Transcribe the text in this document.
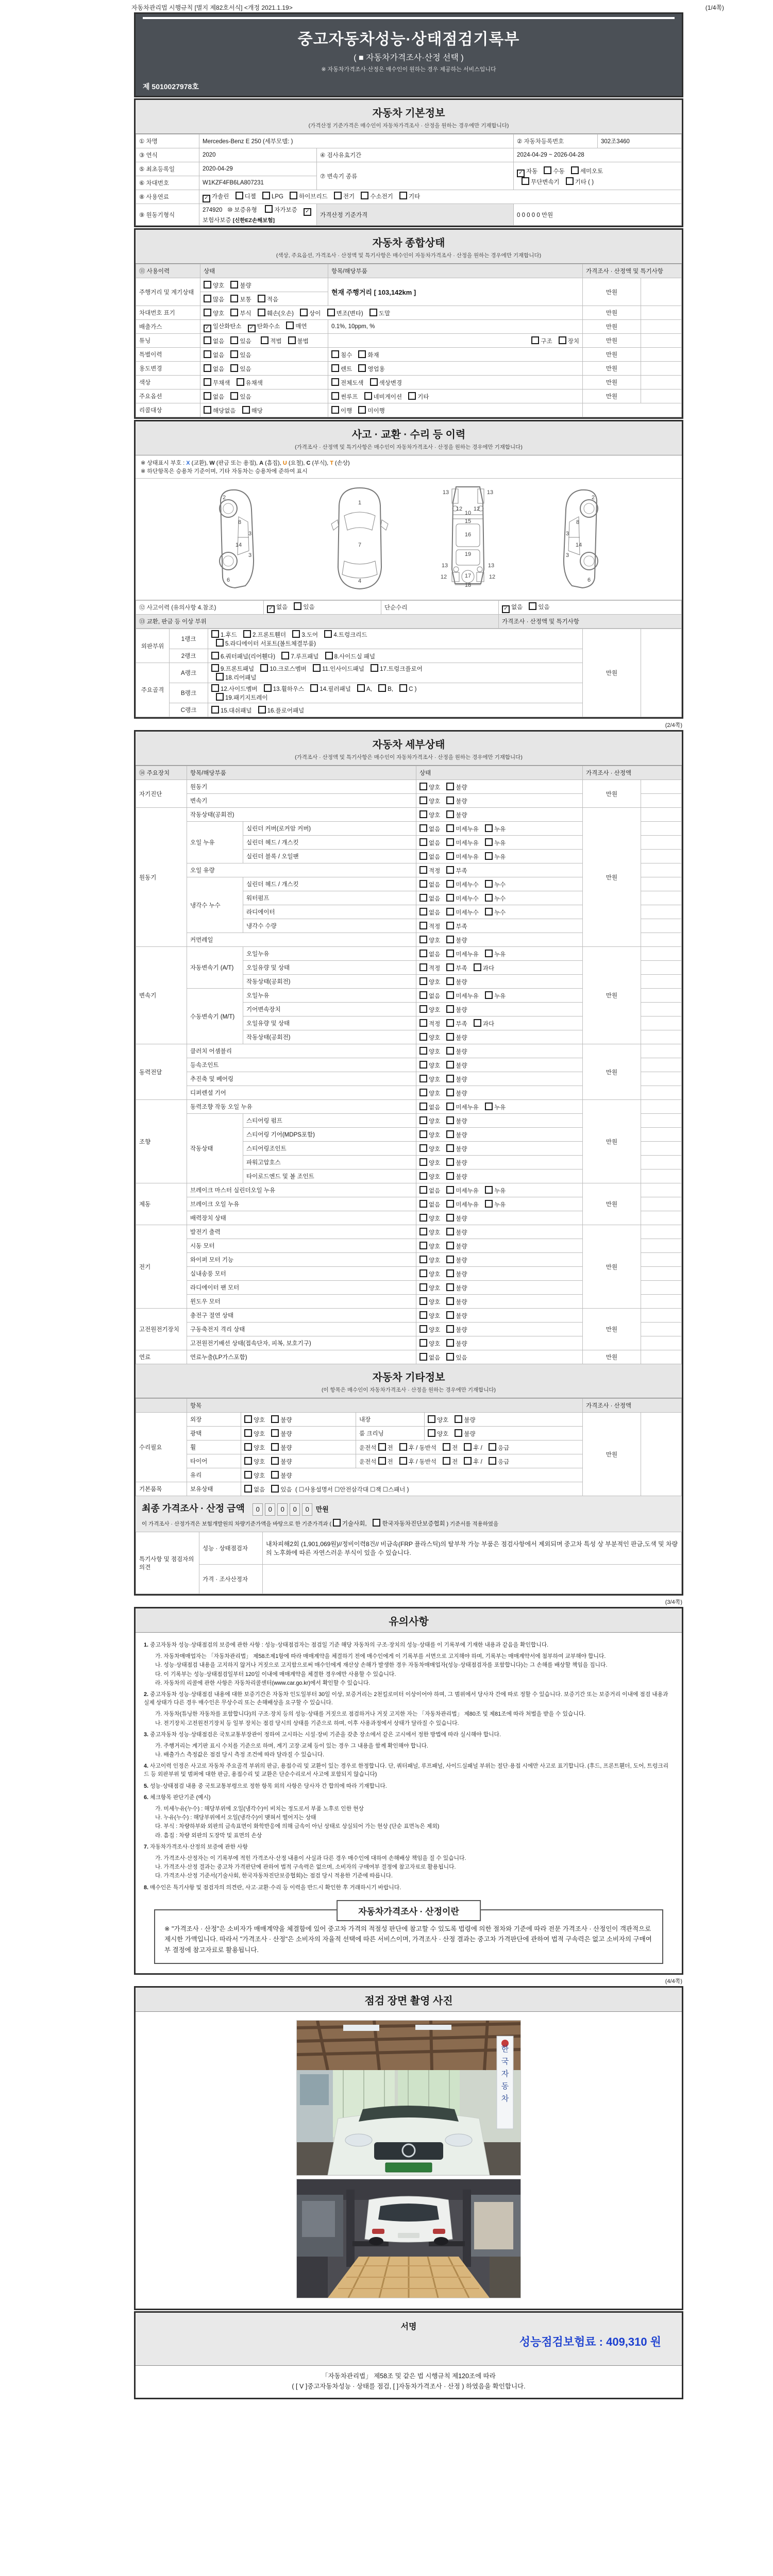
자동차관리법 시행규칙 [별지 제82호서식] <개정 2021.1.19>	(1/4쪽)
중고자동차성능·상태점검기록부
( ■ 자동차가격조사·산정 선택 )
※ 자동차가격조사·산정은 매수인이 원하는 경우 제공하는 서비스입니다
제 5010027978호
자동차 기본정보
(가격산정 기준가격은 매수인이 자동차가격조사 · 산정을 원하는 경우에만 기재합니다)
① 차명	Mercedes-Benz E 250 (세부모델: )		② 자동차등록번호	302조3460
③ 연식	2020	④ 검사유효기간	2024-04-29 ~ 2026-04-28	
⑤ 최초등록일	2020-04-29	⑦ 변속기 종류	✓ 자동 수동 세미오토
무단변속기 기타 ( )	
⑥ 차대번호	W1KZF4FB6LA807231			
⑧ 사용연료	✓ 가솔린 디젤 LPG 하이브리드 전기 수소전기 기타			
⑨ 원동기형식	274920   ⑩ 보증유형 자가보증 ✓보험사보증 [신한EZ손해보험]	가격산정 기준가격	0 0 0 0 0 만원	
자동차 종합상태
(색상, 주요옵션, 가격조사 · 산정액 및 특기사항은 매수인이 자동차가격조사 · 산정을 원하는 경우에만 기재합니다)
⑪ 사용이력	상태	항목/해당부품	가격조사 · 산정액 및 특기사항	
주행거리 및 계기상태	양호 불량	현재 주행거리 [ 103,142km ]	만원	
	많음 보통 적음			
차대번호 표기	양호 부식 훼손(오손) 상이 변조(변타) 도말		만원	
배출가스	✓ 일산화탄소 ✓ 탄화수소 매연	0.1%, 10ppm, %	만원	
튜닝	없음 있음 적법 불법	구조 장치	만원	
특별이력	없음 있음	침수 화재	만원	
용도변경	없음 있음	렌트 영업용	만원	
색상	무채색 유채색	전체도색 색상변경	만원	
주요옵션	없음 있음	썬루프 네비게이션 기타	만원	
리콜대상	해당없음 해당	이행 미이행		
사고 · 교환 · 수리 등 이력
(가격조사 · 산정액 및 특기사항은 매수인이 자동차가격조사 · 산정을 원하는 경우에만 기재합니다)
※ 상태표시 부호 : X (교환), W (판금 또는 용접), A (흠집), U (요철), C (부식), T (손상)
※ 하단항목은 승용차 기준이며, 기타 자동차는 승용차에 준하여 표시
2
8
3
14
3
6
1
7
4
13
12 12
13
10
15
16
19
13	13
12	17	12
18
2
8
3
14
3
6
⑫ 사고이력 (유의사항 4.참조)	✓ 없음 있음	단순수리	✓ 없음 있음
⑬ 교환, 판금 등 이상 부위			가격조사 · 산정액 및 특기사항
외판부위	1랭크	1.후드 2.프론트휀더 3.도어 4.트렁크리드
5.라디에이터 서포트(볼트체결부품)	만원	
	2랭크	6.쿼터패널(리어휀다) 7.루프패널 8.사이드실 패널		
주요골격	A랭크	9.프론트패널 10.크로스멤버 11.인사이드패널 17.트렁크플로어
18.리어패널		
	B랭크	12.사이드멤버 13.휠하우스 14.필러패널 A, B, C )
19.패키지트레이		
	C랭크	15.대쉬패널 16.플로어패널		
(2/4쪽)
자동차 세부상태
(가격조사 · 산정액 및 특기사항은 매수인이 자동차가격조사 · 산정을 원하는 경우에만 기재합니다)
⑭ 주요장치	항목/해당부품		상태	가격조사 · 산정액	
자기진단	원동기		양호 불량	만원	
	변속기		양호 불량		
원동기	작동상태(공회전)		양호 불량	만원	
	오일 누유	실린더 커버(로커암 커버)	없음 미세누유 누유		
		실린더 헤드 / 개스킷	없음 미세누유 누유		
		실린더 블록 / 오일팬	없음 미세누유 누유		
	오일 유량		적정 부족		
	냉각수 누수	실린더 헤드 / 개스킷	없음 미세누수 누수		
		워터펌프	없음 미세누수 누수		
		라디에이터	없음 미세누수 누수		
		냉각수 수량	적정 부족		
	커먼레일		양호 불량		
변속기	자동변속기 (A/T)	오일누유	없음 미세누유 누유	만원	
		오일유량 및 상태	적정 부족 과다		
		작동상태(공회전)	양호 불량		
	수동변속기 (M/T)	오일누유	없음 미세누유 누유		
		기어변속장치	양호 불량		
		오일유량 및 상태	적정 부족 과다		
		작동상태(공회전)	양호 불량		
동력전달	클러치 어셈블리		양호 불량	만원	
	등속조인트		양호 불량		
	추진축 및 베어링		양호 불량		
	디퍼렌셜 기어		양호 불량		
조향	동력조향 작동 오일 누유		없음 미세누유 누유	만원	
	작동상태	스티어링 펌프	양호 불량		
		스티어링 기어(MDPS포함)	양호 불량		
		스티어링조인트	양호 불량		
		파워고압호스	양호 불량		
		타이로드엔드 및 볼 조인트	양호 불량		
제동	브레이크 마스터 실린더오일 누유		없음 미세누유 누유	만원	
	브레이크 오일 누유		없음 미세누유 누유		
	배력장치 상태		양호 불량		
전기	발전기 출력		양호 불량	만원	
	시동 모터		양호 불량		
	와이퍼 모터 기능		양호 불량		
	실내송풍 모터		양호 불량		
	라디에이터 팬 모터		양호 불량		
	윈도우 모터		양호 불량		
고전원전기장치	충전구 절연 상태		양호 불량	만원	
	구동축전지 격리 상태		양호 불량		
	고전원전기배선 상태(접속단자, 피복, 보호기구)		양호 불량		
연료	연료누출(LP가스포함)		없음 있음	만원	
자동차 기타정보
(이 항목은 매수인이 자동차가격조사 · 산정을 원하는 경우에만 기재합니다)
	항목				가격조사 · 산정액	
수리필요	외장	양호 불량	내장	양호 불량	만원	
	광택	양호 불량	룸 크리닝	양호 불량		
	휠	양호 불량	운전석 전 후 / 동반석 전 후 / 응급			
	타이어	양호 불량	운전석 전 후 / 동반석 전 후 / 응급			
	유리	양호 불량				
기본품목	보유상태	없음 있음  ( ☐사용설명서 ☐안전삼각대 ☐잭 ☐스패너 )				
최종 가격조사 · 산정 금액 0 0 0 0 0 만원
이 가격조사 · 산정가격은 보험개발원의 차량기준가액을 바탕으로 한 기준가격과 ( 기술사회,	한국자동차진단보증협회 ) 기준서를 적용하였음
특기사항 및 점검자의 의견	성능 · 상태점검자	내차피해2회 (1,901,069원)//정비이력8건// 비금속(FRP 플라스틱)의 탈부착 가능 부품은 점검사항에서 제외되며 중고차 특성 상 부분적인 판금,도색 및 차량의 노후화에 따른 자연스러운 부식이 있을 수 있습니다.
	가격 · 조사산정자	
(3/4쪽)
유의사항
1. 중고자동차 성능·상태점검의 보증에 관한 사항 : 성능·상태점검자는 점검일 기준 해당 자동차의 구조·장치의 성능·상태를 이 기록부에 기재한 내용과 같음을 확인합니다.
가. 자동차매매업자는 「자동차관리법」 제58조제1항에 따라 매매계약을 체결하기 전에 매수인에게 이 기록부를 서면으로 고지해야 하며, 기록부는 매매계약서에 첨부하여 교부해야 합니다.
나. 성능·상태점검 내용을 고지하지 않거나 거짓으로 고지함으로써 매수인에게 재산상 손해가 발생한 경우 자동차매매업자(성능·상태점검자를 포함합니다)는 그 손해를 배상할 책임을 집니다.
다. 이 기록부는 성능·상태점검일부터 120일 이내에 매매계약을 체결한 경우에만 사용할 수 있습니다.
라. 자동차의 리콜에 관한 사항은 자동차리콜센터(www.car.go.kr)에서 확인할 수 있습니다.
2. 중고자동차 성능·상태점검 내용에 대한 보증기간은 자동차 인도일부터 30일 이상, 보증거리는 2천킬로미터 이상이어야 하며, 그 범위에서 당사자 간에 따로 정할 수 있습니다. 보증기간 또는 보증거리 이내에 점검 내용과 실제 상태가 다른 경우 매수인은 무상수리 또는 손해배상을 요구할 수 있습니다.
가. 자동차(튜닝한 자동차를 포함합니다)의 구조·장치 등의 성능·상태를 거짓으로 점검하거나 거짓 고지한 자는 「자동차관리법」 제80조 및 제81조에 따라 처벌을 받을 수 있습니다.
나. 전기장치·고전원전기장치 등 일부 장치는 점검 당시의 상태를 기준으로 하며, 이후 사용과정에서 상태가 달라질 수 있습니다.
3. 중고자동차 성능·상태점검은 국토교통부장관이 정하여 고시하는 시설·장비 기준을 갖춘 장소에서 같은 고시에서 정한 방법에 따라 실시해야 합니다.
가. 주행거리는 계기판 표시 수치를 기준으로 하며, 계기 고장·교체 등이 있는 경우 그 내용을 함께 확인해야 합니다.
나. 배출가스 측정값은 점검 당시 측정 조건에 따라 달라질 수 있습니다.
4. 사고이력 인정은 사고로 자동차 주요골격 부위의 판금, 용접수리 및 교환이 있는 경우로 한정합니다. 단, 쿼터패널, 루프패널, 사이드실패널 부위는 절단·용접 시에만 사고로 표기합니다. (후드, 프론트휀더, 도어, 트렁크리드 등 외판부위 및 범퍼에 대한 판금, 용접수리 및 교환은 단순수리로서 사고에 포함되지 않습니다)
5. 성능·상태점검 내용 중 국토교통부령으로 정한 항목 외의 사항은 당사자 간 합의에 따라 기재합니다.
6. 체크항목 판단기준 (예시)
가. 미세누유(누수) : 해당부위에 오일(냉각수)이 비치는 정도로서 부품 노후로 인한 현상
나. 누유(누수) : 해당부위에서 오일(냉각수)이 맺혀서 떨어지는 상태
다. 부식 : 차량하부와 외판의 금속표면이 화학반응에 의해 금속이 아닌 상태로 상실되어 가는 현상 (단순 표면녹은 제외)
라. 흠집 : 차량 외판의 도장막 및 표면의 손상
7. 자동차가격조사·산정의 보증에 관한 사항
가. 가격조사·산정자는 이 기록부에 적힌 가격조사·산정 내용이 사실과 다른 경우 매수인에 대하여 손해배상 책임을 질 수 있습니다.
나. 가격조사·산정 결과는 중고차 가격판단에 관하여 법적 구속력은 없으며, 소비자의 구매여부 결정에 참고자료로 활용됩니다.
다. 가격조사·산정 기준서(기술사회, 한국자동차진단보증협회)는 점검 당시 적용한 기준에 따릅니다.
8. 매수인은 특기사항 및 점검자의 의견란, 사고·교환·수리 등 이력을 반드시 확인한 후 거래하시기 바랍니다.
자동차가격조사 · 산정이란
※ "가격조사 · 산정"은 소비자가 매매계약을 체결함에 있어 중고차 가격의 적절성 판단에 참고할 수 있도록 법령에 의한 절차와 기준에 따라 전문 가격조사 · 산정인이 객관적으로 제시한 가액입니다. 따라서 "가격조사 · 산정"은 소비자의 자율적 선택에 따른 서비스이며, 가격조사 · 산정 결과는 중고차 가격판단에 관하여 법적 구속력은 없고 소비자의 구매여부 결정에 참고자료로 활용됩니다.
(4/4쪽)
점검 장면 촬영 사진
한
국
자
동
차
서명
성능점검보험료 : 409,310 원
「자동차관리법」 제58조 및 같은 법 시행규칙 제120조에 따라
( [ V ]중고자동차성능 · 상태를 점검, [ ]자동차가격조사 · 산정 ) 하였음을 확인합니다.
